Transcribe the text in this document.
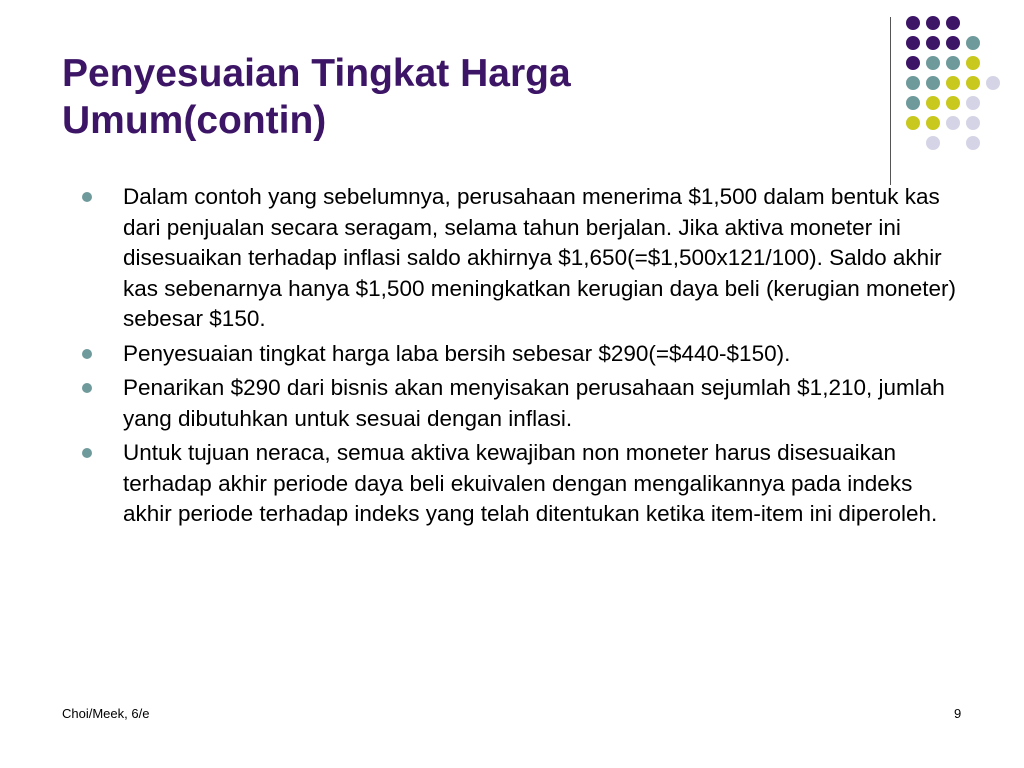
Penyesuaian Tingkat Harga
Umum(contin)
Dalam contoh yang sebelumnya, perusahaan menerima $1,500 dalam bentuk kas dari penjualan secara seragam, selama tahun berjalan. Jika aktiva moneter ini disesuaikan terhadap inflasi saldo akhirnya $1,650(=$1,500x121/100). Saldo akhir kas sebenarnya hanya $1,500 meningkatkan kerugian daya beli (kerugian moneter) sebesar $150.
Penyesuaian tingkat harga laba bersih sebesar $290(=$440-$150).
Penarikan $290 dari bisnis akan menyisakan perusahaan sejumlah $1,210, jumlah yang dibutuhkan untuk sesuai dengan inflasi.
Untuk tujuan neraca, semua aktiva kewajiban non moneter harus disesuaikan terhadap akhir periode daya beli ekuivalen dengan mengalikannya pada indeks akhir periode terhadap indeks yang telah ditentukan ketika item-item ini diperoleh.
Choi/Meek, 6/e	9
